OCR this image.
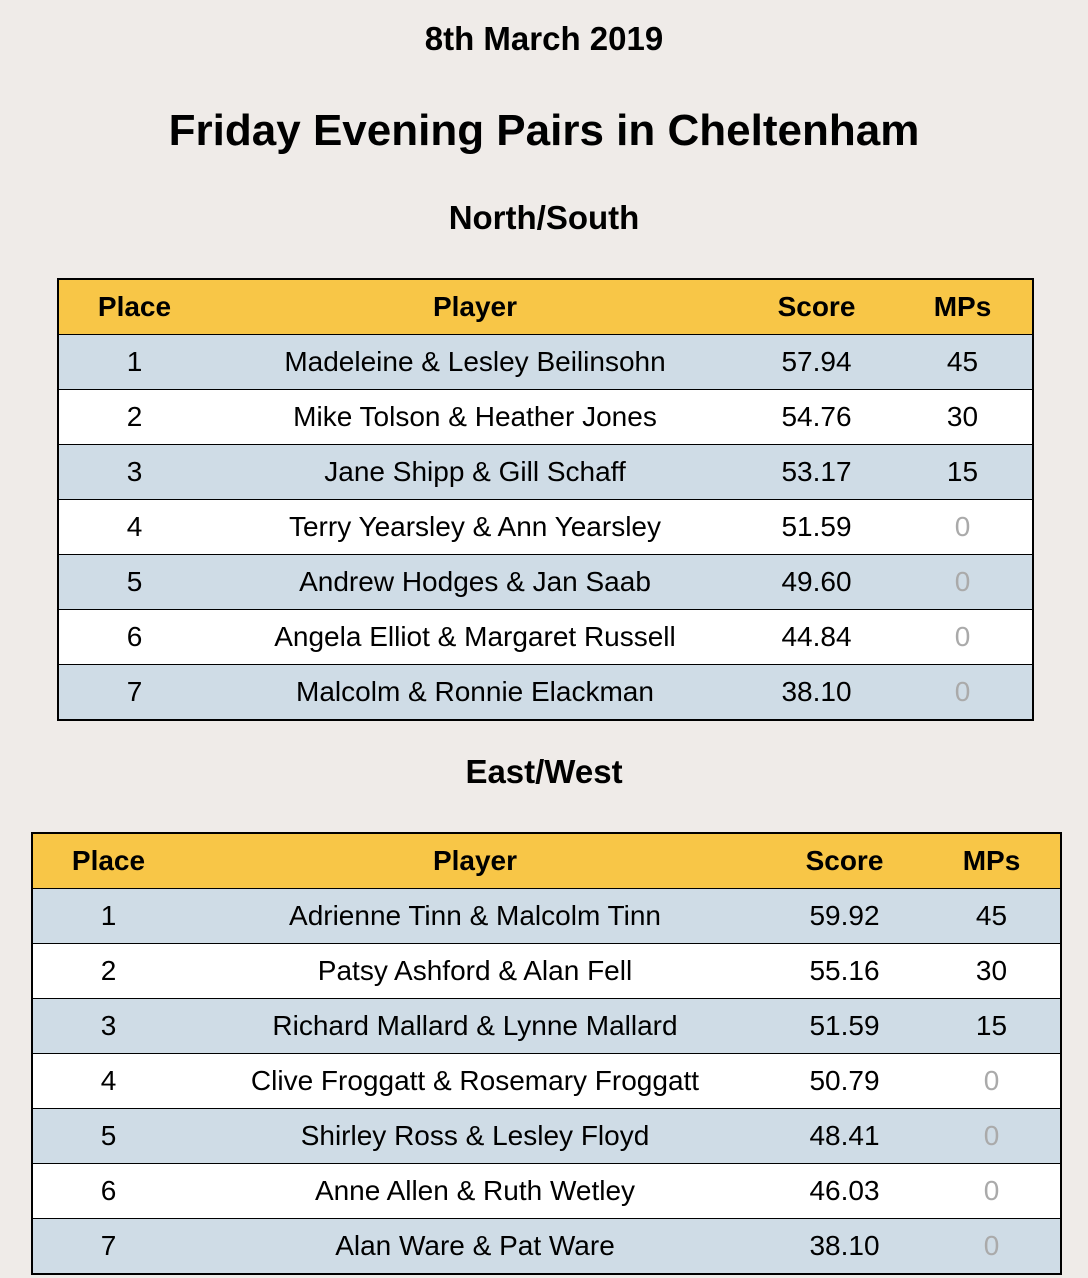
8th March 2019
Friday Evening Pairs in Cheltenham
North/South
Place	Player	Score	MPs
1	Madeleine & Lesley Beilinsohn	57.94	45
2	Mike Tolson & Heather Jones	54.76	30
3	Jane Shipp & Gill Schaff	53.17	15
4	Terry Yearsley & Ann Yearsley	51.59	0
5	Andrew Hodges & Jan Saab	49.60	0
6	Angela Elliot & Margaret Russell	44.84	0
7	Malcolm & Ronnie Elackman	38.10	0
East/West
Place	Player	Score	MPs
1	Adrienne Tinn & Malcolm Tinn	59.92	45
2	Patsy Ashford & Alan Fell	55.16	30
3	Richard Mallard & Lynne Mallard	51.59	15
4	Clive Froggatt & Rosemary Froggatt	50.79	0
5	Shirley Ross & Lesley Floyd	48.41	0
6	Anne Allen & Ruth Wetley	46.03	0
7	Alan Ware & Pat Ware	38.10	0
